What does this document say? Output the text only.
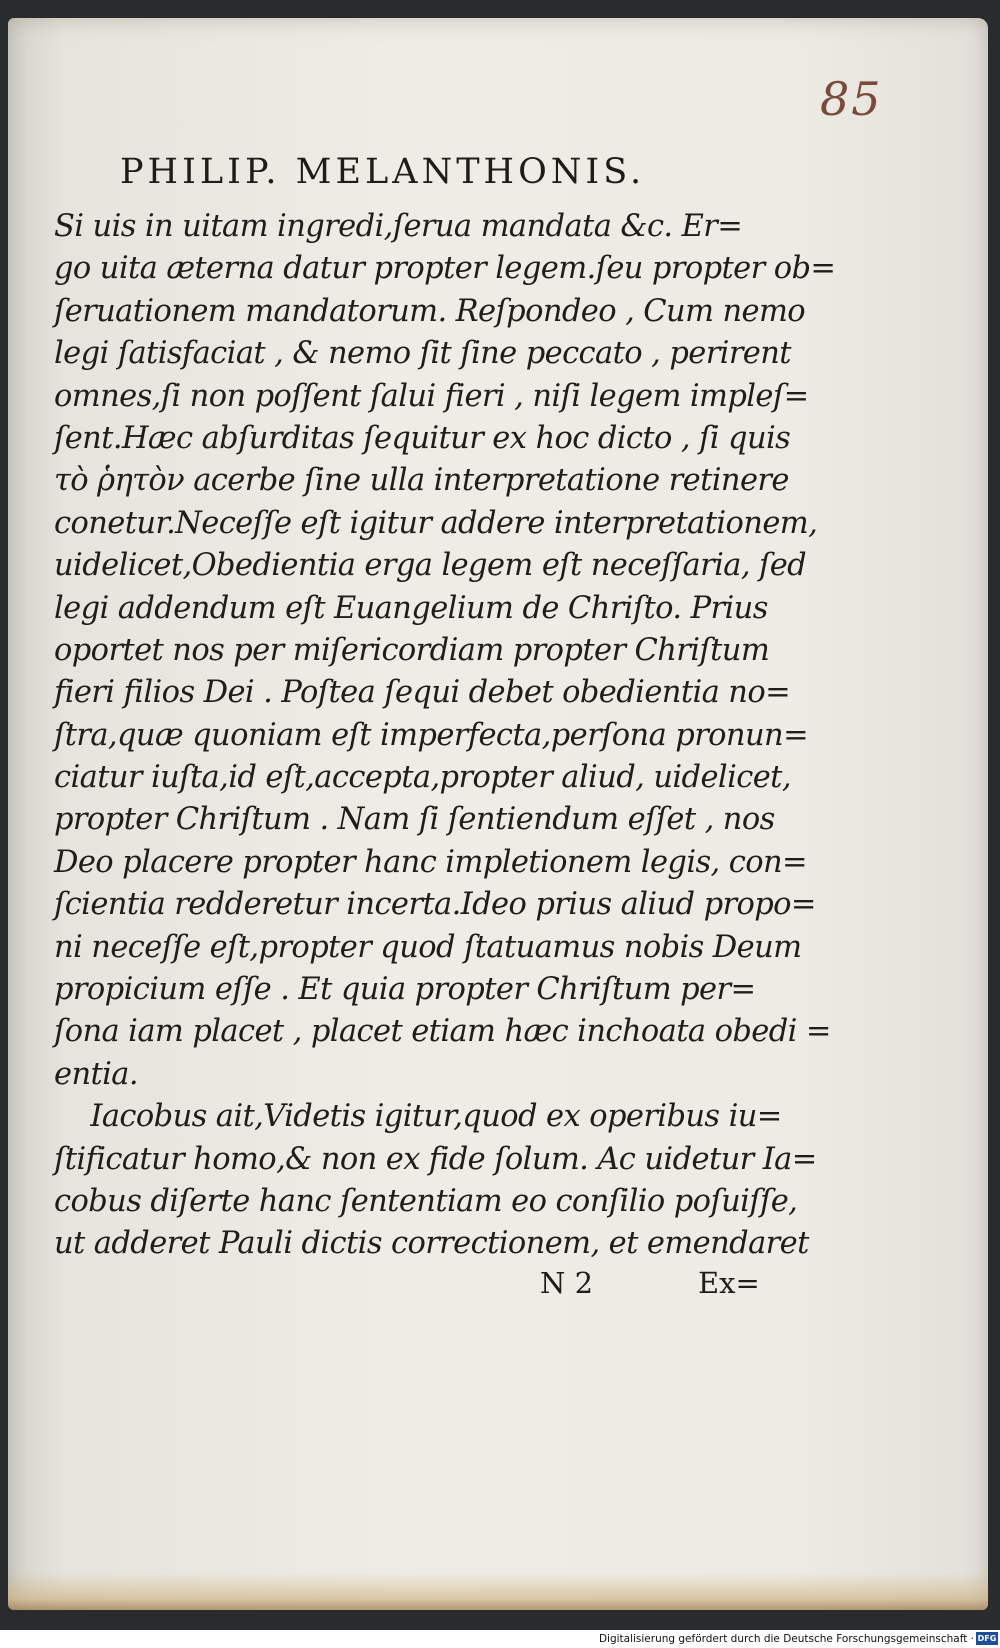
85
PHILIP. MELANTHONIS.
Si uis in uitam ingredi,ſerua mandata &c. Er=
go uita æterna datur propter legem.ſeu propter ob=
ſeruationem mandatorum. Reſpondeo , Cum nemo
legi ſatisfaciat , & nemo ſit ſine peccato , perirent
omnes,ſi non poſſent ſalui fieri , niſi legem impleſ=
ſent.Hæc abſurditas ſequitur ex hoc dicto , ſi quis
τὸ ῥητὸν acerbe ſine ulla interpretatione retinere
conetur.Neceſſe eſt igitur addere interpretationem,
uidelicet,Obedientia erga legem eſt neceſſaria, ſed
legi addendum eſt Euangelium de Chriſto. Prius
oportet nos per miſericordiam propter Chriſtum
fieri filios Dei . Poſtea ſequi debet obedientia no=
ſtra,quæ quoniam eſt imperfecta,perſona pronun=
ciatur iuſta,id eſt,accepta,propter aliud, uidelicet,
propter Chriſtum . Nam ſi ſentiendum eſſet , nos
Deo placere propter hanc impletionem legis, con=
ſcientia redderetur incerta.Ideo prius aliud propo=
ni neceſſe eſt,propter quod ſtatuamus nobis Deum
propicium eſſe . Et quia propter Chriſtum per=
ſona iam placet , placet etiam hæc inchoata obedi =
entia.
Iacobus ait,Videtis igitur,quod ex operibus iu=
ſtificatur homo,& non ex fide ſolum. Ac uidetur Ia=
cobus diſerte hanc ſententiam eo conſilio poſuiſſe,
ut adderet Pauli dictis correctionem, et emendaret
N 2	Ex=
Digitalisierung gefördert durch die Deutsche Forschungsgemeinschaft · DFG
